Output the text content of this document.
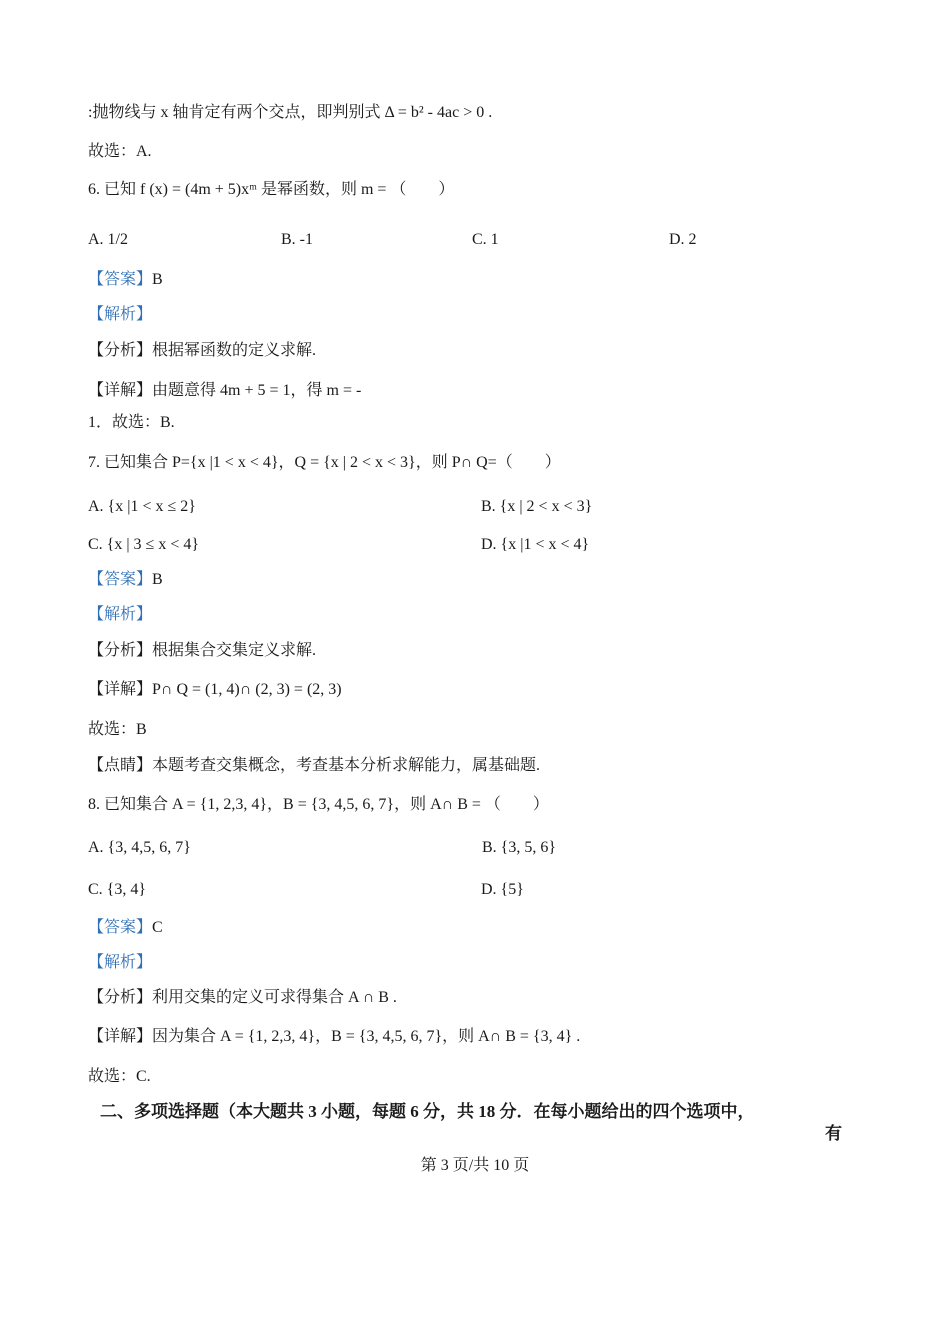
:抛物线与 x 轴肯定有两个交点，即判别式 Δ = b² - 4ac > 0 .
故选：A.
6. 已知 f (x) = (4m + 5)xᵐ 是幂函数，则 m = （　　）
A. 1/2	B. -1	C. 1	D. 2
【答案】B
【解析】
【分析】根据幂函数的定义求解.
【详解】由题意得 4m + 5 = 1，得 m = -
1．故选：B.
7. 已知集合 P={x |1 < x < 4}，Q = {x | 2 < x < 3}，则 P∩ Q=（　　）
A. {x |1 < x ≤ 2}	B. {x | 2 < x < 3}
C. {x | 3 ≤ x < 4}	D. {x |1 < x < 4}
【答案】B
【解析】
【分析】根据集合交集定义求解.
【详解】P∩ Q = (1, 4)∩ (2, 3) = (2, 3)
故选：B
【点睛】本题考查交集概念，考查基本分析求解能力，属基础题.
8. 已知集合 A = {1, 2,3, 4}，B = {3, 4,5, 6, 7}，则 A∩ B = （　　）
A. {3, 4,5, 6, 7}	B. {3, 5, 6}
C. {3, 4}	D. {5}
【答案】C
【解析】
【分析】利用交集的定义可求得集合 A ∩ B .
【详解】因为集合 A = {1, 2,3, 4}，B = {3, 4,5, 6, 7}，则 A∩ B = {3, 4} .
故选：C.
二、多项选择题（本大题共 3 小题，每题 6 分，共 18 分．在每小题给出的四个选项中，
有
第 3 页/共 10 页
